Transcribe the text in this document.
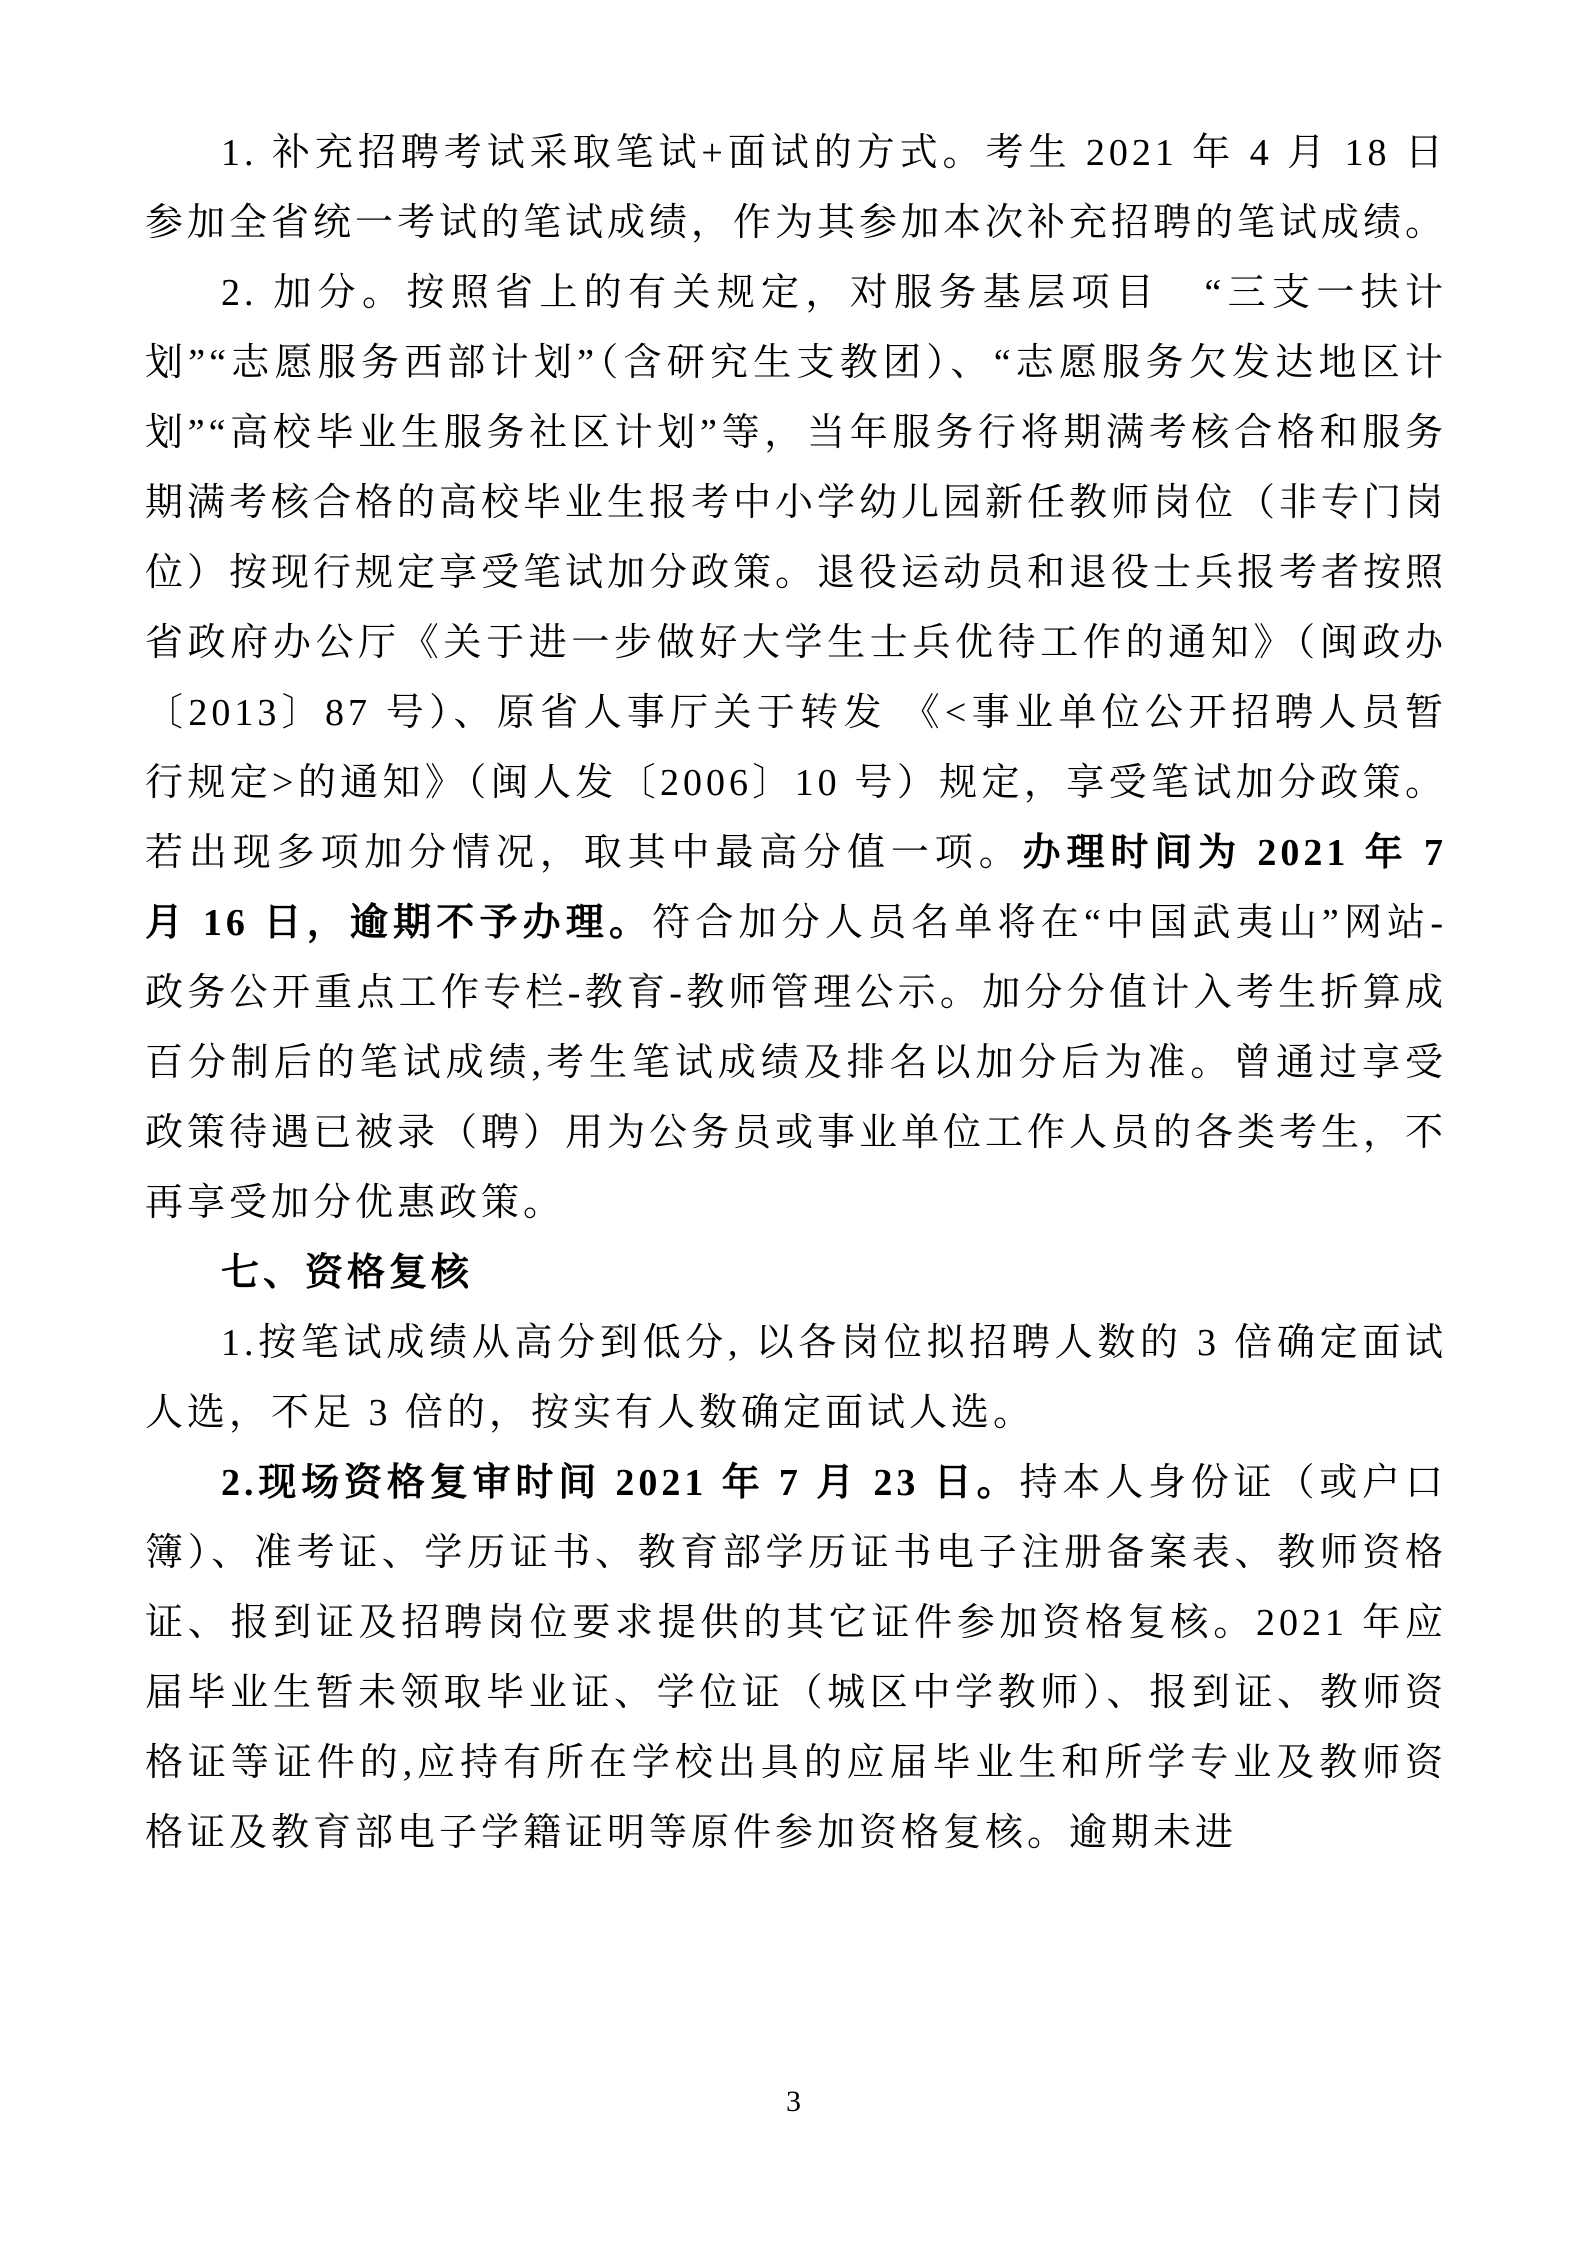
1. 补充招聘考试采取笔试+面试的方式。考生 2021 年 4 月 18 日参加全省统一考试的笔试成绩，作为其参加本次补充招聘的笔试成绩。

2. 加分。按照省上的有关规定，对服务基层项目　“三支一扶计划”“志愿服务西部计划”（含研究生支教团）、“志愿服务欠发达地区计划”“高校毕业生服务社区计划”等，当年服务行将期满考核合格和服务期满考核合格的高校毕业生报考中小学幼儿园新任教师岗位（非专门岗位）按现行规定享受笔试加分政策。退役运动员和退役士兵报考者按照省政府办公厅《关于进一步做好大学生士兵优待工作的通知》（闽政办〔2013〕87 号）、原省人事厅关于转发 《<事业单位公开招聘人员暂行规定>的通知》（闽人发〔2006〕10 号）规定，享受笔试加分政策。若出现多项加分情况，取其中最高分值一项。办理时间为 2021 年 7 月 16 日，逾期不予办理。符合加分人员名单将在“中国武夷山”网站-政务公开重点工作专栏-教育-教师管理公示。加分分值计入考生折算成百分制后的笔试成绩,考生笔试成绩及排名以加分后为准。曾通过享受政策待遇已被录（聘）用为公务员或事业单位工作人员的各类考生，不再享受加分优惠政策。

七、资格复核

1.按笔试成绩从高分到低分, 以各岗位拟招聘人数的 3 倍确定面试人选，不足 3 倍的，按实有人数确定面试人选。

2.现场资格复审时间 2021 年 7 月 23 日。持本人身份证（或户口簿）、准考证、学历证书、教育部学历证书电子注册备案表、教师资格证、报到证及招聘岗位要求提供的其它证件参加资格复核。2021 年应届毕业生暂未领取毕业证、学位证（城区中学教师）、报到证、教师资格证等证件的,应持有所在学校出具的应届毕业生和所学专业及教师资格证及教育部电子学籍证明等原件参加资格复核。逾期未进

3
